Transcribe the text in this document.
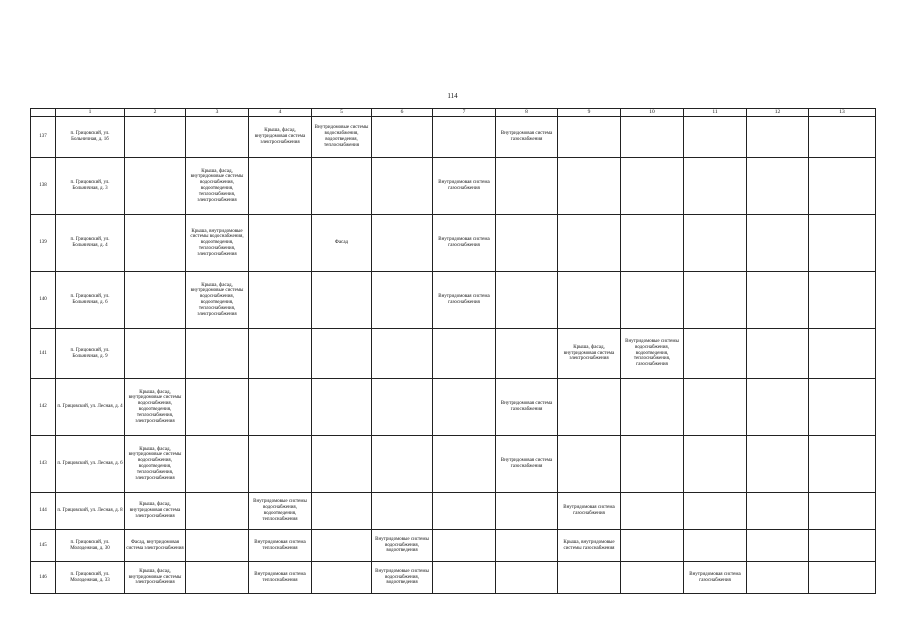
114
	1	2	3	4	5	6	7	8	9	10	11	12	13
137	п. Грицовский, ул. Больничная, д. 1б			Крыша, фасад, внутридомовая система электроснабжения	Внутридомовые системы водоснабжения, водоотведения, теплоснабжения			Внутридомовая система газоснабжения					
138	п. Грицовский, ул. Больничная, д. 3		Крыша, фасад, внутридомовые системы водоснабжения, водоотведения, теплоснабжения, электроснабжения				Внутридомовая система газоснабжения						
139	п. Грицовский, ул. Больничная, д. 4		Крыша, внутридомовые системы водоснабжения, водоотведения, теплоснабжения, электроснабжения		Фасад		Внутридомовая система газоснабжения						
140	п. Грицовский, ул. Больничная, д. 6		Крыша, фасад, внутридомовые системы водоснабжения, водоотведения, теплоснабжения, электроснабжения				Внутридомовая система газоснабжения						
141	п. Грицовский, ул. Больничная, д. 9								Крыша, фасад, внутридомовая система электроснабжения	Внутридомовые системы водоснабжения, водоотведения, теплоснабжения, газоснабжения			
142	п. Грицовский, ул. Лесная, д. 4	Крыша, фасад, внутридомовые системы водоснабжения, водоотведения, теплоснабжения, электроснабжения						Внутридомовая система газоснабжения					
143	п. Грицовский, ул. Лесная, д. 6	Крыша, фасад, внутридомовые системы водоснабжения, водоотведения, теплоснабжения, электроснабжения						Внутридомовая система газоснабжения					
144	п. Грицовский, ул. Лесная, д. 8	Крыша, фасад, внутридомовая система электроснабжения		Внутридомовые системы водоснабжения, водоотведения, теплоснабжения					Внутридомовая система газоснабжения				
145	п. Грицовский, ул. Молодежная, д. 30	Фасад, внутридомовая система электроснабжения		Внутридомовая система теплоснабжения		Внутридомовые системы водоснабжения, водоотведения			Крыша, внутридомовые системы газоснабжения				
146	п. Грицовский, ул. Молодежная, д. 33	Крыша, фасад, внутридомовые системы электроснабжения		Внутридомовая система теплоснабжения		Внутридомовые системы водоснабжения, водоотведения					Внутридомовая система газоснабжения		
